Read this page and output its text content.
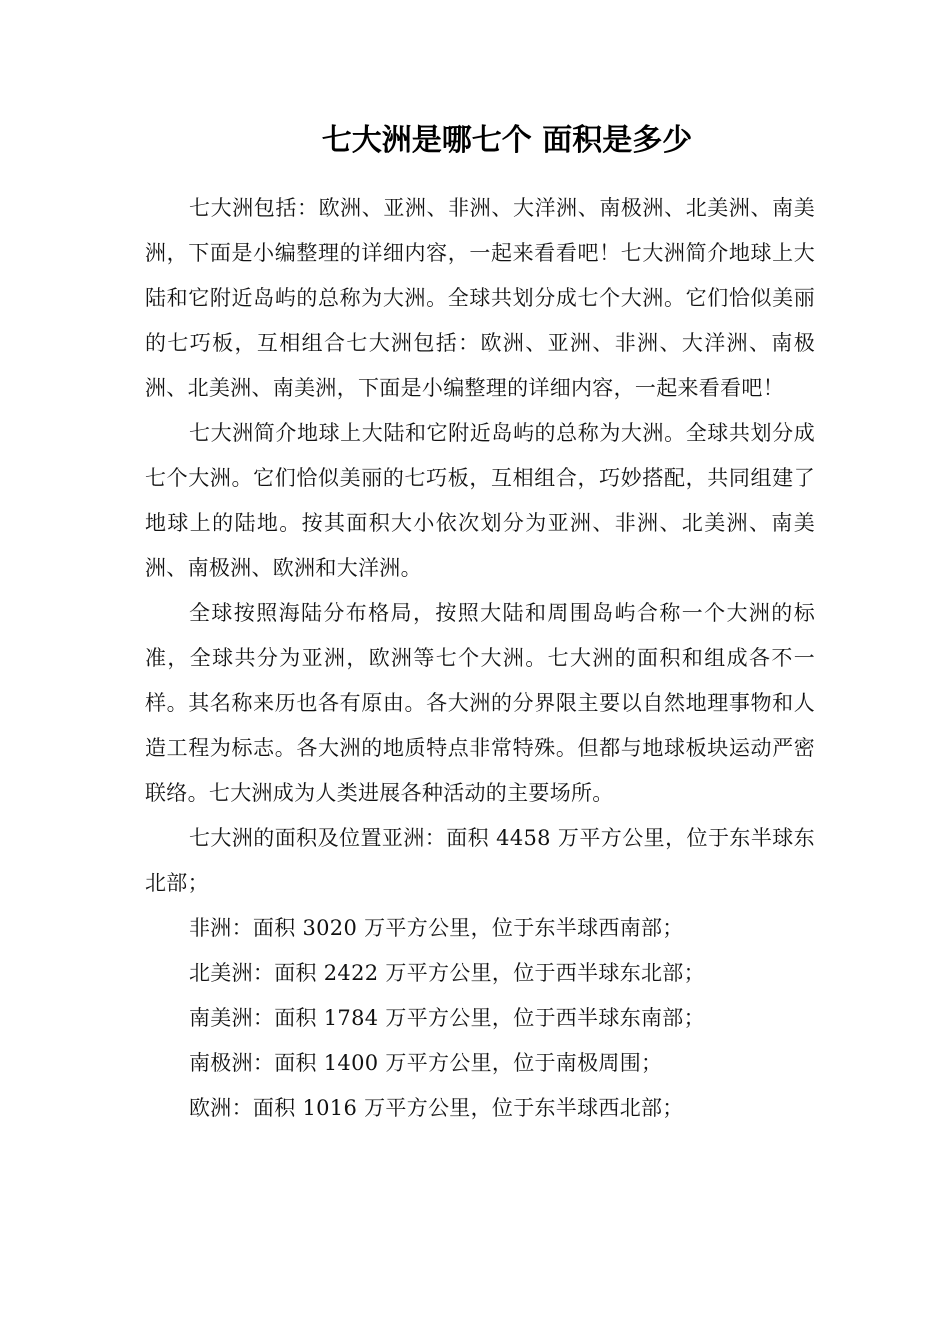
七大洲是哪七个 面积是多少

七大洲包括：欧洲、亚洲、非洲、大洋洲、南极洲、北美洲、南美洲，下面是小编整理的详细内容，一起来看看吧！七大洲简介地球上大陆和它附近岛屿的总称为大洲。全球共划分成七个大洲。它们恰似美丽的七巧板，互相组合七大洲包括：欧洲、亚洲、非洲、大洋洲、南极洲、北美洲、南美洲，下面是小编整理的详细内容，一起来看看吧！

七大洲简介地球上大陆和它附近岛屿的总称为大洲。全球共划分成七个大洲。它们恰似美丽的七巧板，互相组合，巧妙搭配，共同组建了地球上的陆地。按其面积大小依次划分为亚洲、非洲、北美洲、南美洲、南极洲、欧洲和大洋洲。

全球按照海陆分布格局，按照大陆和周围岛屿合称一个大洲的标准，全球共分为亚洲，欧洲等七个大洲。七大洲的面积和组成各不一样。其名称来历也各有原由。各大洲的分界限主要以自然地理事物和人造工程为标志。各大洲的地质特点非常特殊。但都与地球板块运动严密联络。七大洲成为人类进展各种活动的主要场所。

七大洲的面积及位置亚洲：面积 4458 万平方公里，位于东半球东北部；

非洲：面积 3020 万平方公里，位于东半球西南部；

北美洲：面积 2422 万平方公里，位于西半球东北部；

南美洲：面积 1784 万平方公里，位于西半球东南部；

南极洲：面积 1400 万平方公里，位于南极周围；

欧洲：面积 1016 万平方公里，位于东半球西北部；
